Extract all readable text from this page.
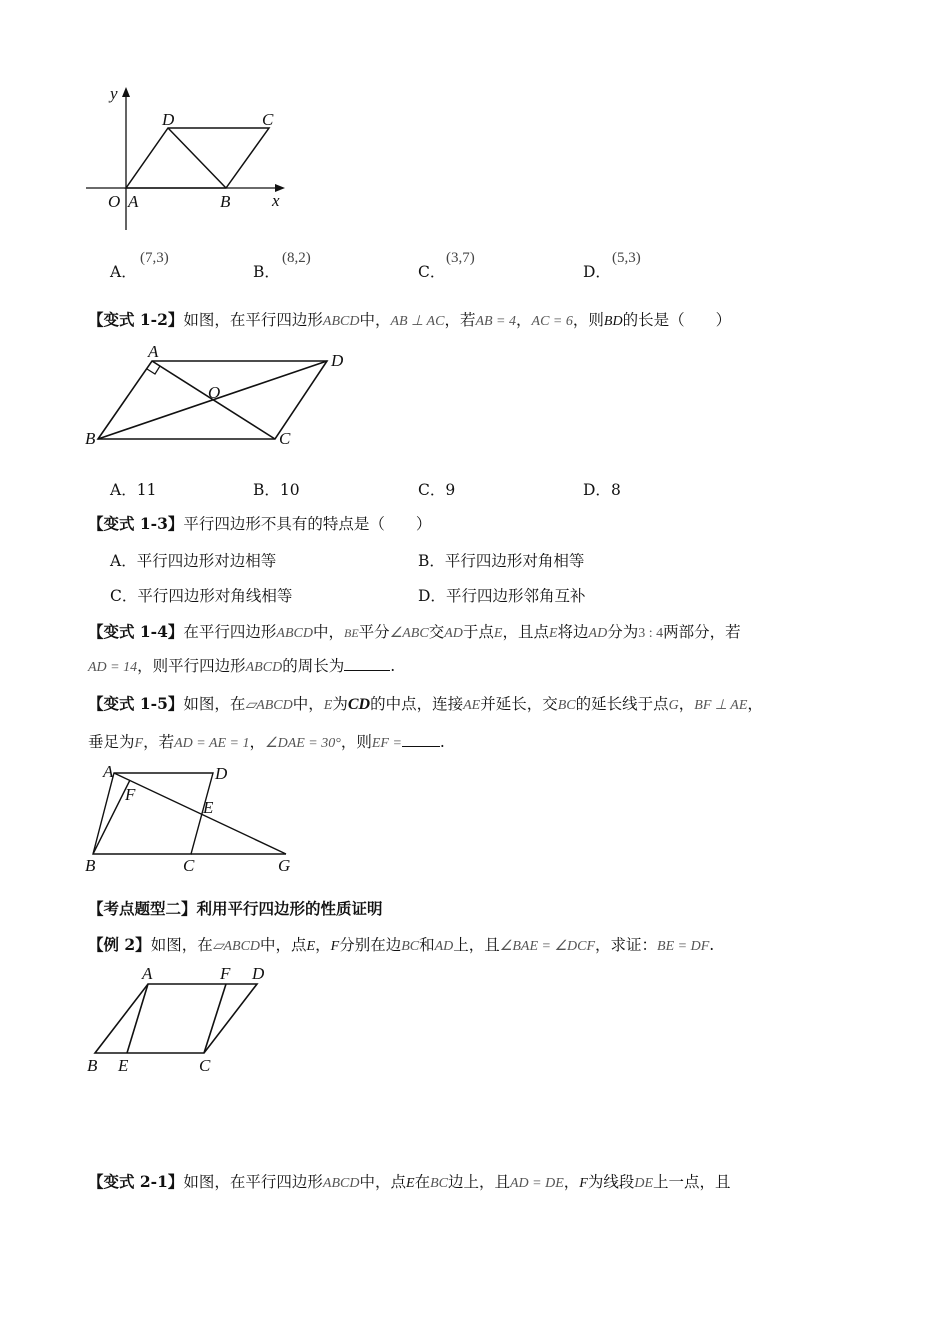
y
x
D	C
O A	B
A．
(7,3)
B．
(8,2)
C．
(3,7)
D．
(5,3)
【变式 1-2】如图，在平行四边形ABCD中，AB ⊥ AC，若AB = 4，AC = 6，则BD的长是（　　）
A	D
O
B	C
A．11	B．10	C．9	D．8
【变式 1-3】平行四边形不具有的特点是（　　）
A．平行四边形对边相等	B．平行四边形对角相等
C．平行四边形对角线相等	D．平行四边形邻角互补
【变式 1-4】在平行四边形ABCD中，BE平分∠ABC交AD于点E，且点E将边AD分为3 : 4两部分，若
AD = 14，则平行四边形ABCD的周长为	.
【变式 1-5】如图，在▱ABCD中，E为CD的中点，连接AE并延长，交BC的延长线于点G，BF ⊥ AE，
垂足为F，若AD = AE = 1，∠DAE = 30°，则EF = .
A	D
F
E
B	C	G
【考点题型二】利用平行四边形的性质证明
【例 2】如图，在▱ABCD中，点E，F分别在边BC和AD上，且∠BAE = ∠DCF，求证：BE = DF.
A	F D
B E	C
【变式 2-1】如图，在平行四边形ABCD中，点E在BC边上，且AD = DE，F为线段DE上一点，且
